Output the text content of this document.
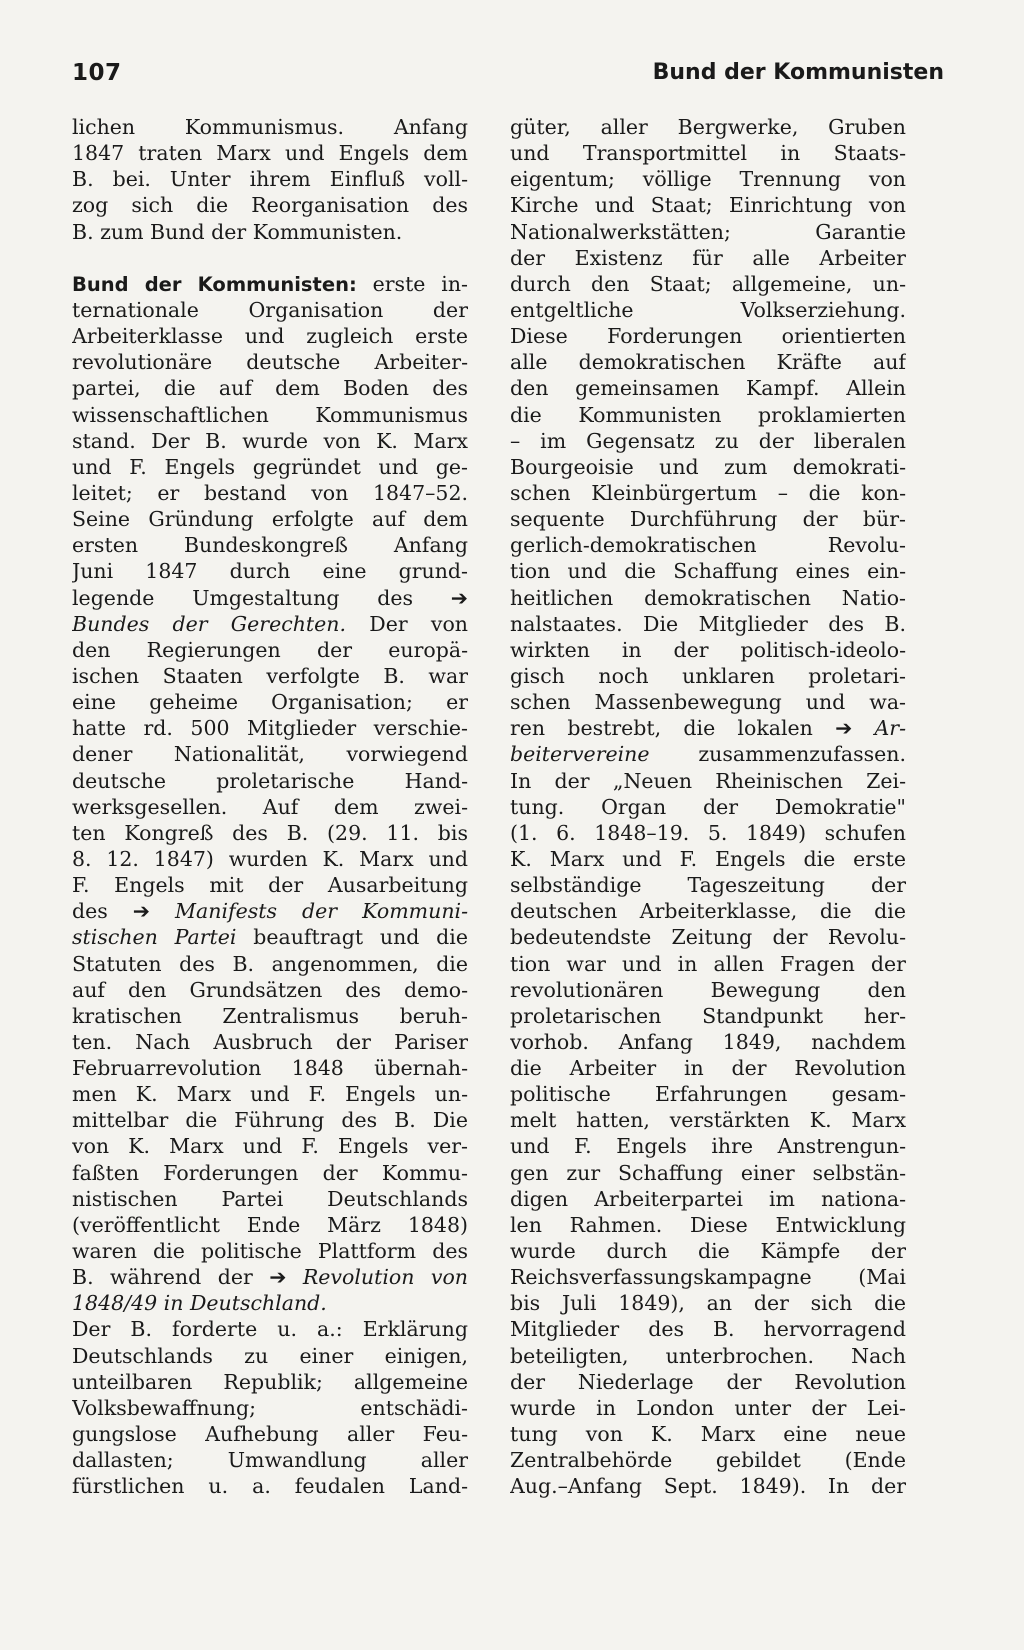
107	Bund der Kommunisten
lichen Kommunismus. Anfang
1847 traten Marx und Engels dem
B. bei. Unter ihrem Einfluß voll-
zog sich die Reorganisation des
B. zum Bund der Kommunisten.
Bund der Kommunisten: erste in-
ternationale Organisation der
Arbeiterklasse und zugleich erste
revolutionäre deutsche Arbeiter-
partei, die auf dem Boden des
wissenschaftlichen Kommunismus
stand. Der B. wurde von K. Marx
und F. Engels gegründet und ge-
leitet; er bestand von 1847–52.
Seine Gründung erfolgte auf dem
ersten Bundeskongreß Anfang
Juni 1847 durch eine grund-
legende Umgestaltung des ➔
Bundes der Gerechten. Der von
den Regierungen der europä-
ischen Staaten verfolgte B. war
eine geheime Organisation; er
hatte rd. 500 Mitglieder verschie-
dener Nationalität, vorwiegend
deutsche proletarische Hand-
werksgesellen. Auf dem zwei-
ten Kongreß des B. (29. 11. bis
8. 12. 1847) wurden K. Marx und
F. Engels mit der Ausarbeitung
des ➔ Manifests der Kommuni-
stischen Partei beauftragt und die
Statuten des B. angenommen, die
auf den Grundsätzen des demo-
kratischen Zentralismus beruh-
ten. Nach Ausbruch der Pariser
Februarrevolution 1848 übernah-
men K. Marx und F. Engels un-
mittelbar die Führung des B. Die
von K. Marx und F. Engels ver-
faßten Forderungen der Kommu-
nistischen Partei Deutschlands
(veröffentlicht Ende März 1848)
waren die politische Plattform des
B. während der ➔ Revolution von
1848/49 in Deutschland.
Der B. forderte u. a.: Erklärung
Deutschlands zu einer einigen,
unteilbaren Republik; allgemeine
Volksbewaffnung; entschädi-
gungslose Aufhebung aller Feu-
dallasten; Umwandlung aller
fürstlichen u. a. feudalen Land-
güter, aller Bergwerke, Gruben
und Transportmittel in Staats-
eigentum; völlige Trennung von
Kirche und Staat; Einrichtung von
Nationalwerkstätten; Garantie
der Existenz für alle Arbeiter
durch den Staat; allgemeine, un-
entgeltliche Volkserziehung.
Diese Forderungen orientierten
alle demokratischen Kräfte auf
den gemeinsamen Kampf. Allein
die Kommunisten proklamierten
– im Gegensatz zu der liberalen
Bourgeoisie und zum demokrati-
schen Kleinbürgertum – die kon-
sequente Durchführung der bür-
gerlich-demokratischen Revolu-
tion und die Schaffung eines ein-
heitlichen demokratischen Natio-
nalstaates. Die Mitglieder des B.
wirkten in der politisch-ideolo-
gisch noch unklaren proletari-
schen Massenbewegung und wa-
ren bestrebt, die lokalen ➔ Ar-
beitervereine zusammenzufassen.
In der „Neuen Rheinischen Zei-
tung. Organ der Demokratie"
(1. 6. 1848–19. 5. 1849) schufen
K. Marx und F. Engels die erste
selbständige Tageszeitung der
deutschen Arbeiterklasse, die die
bedeutendste Zeitung der Revolu-
tion war und in allen Fragen der
revolutionären Bewegung den
proletarischen Standpunkt her-
vorhob. Anfang 1849, nachdem
die Arbeiter in der Revolution
politische Erfahrungen gesam-
melt hatten, verstärkten K. Marx
und F. Engels ihre Anstrengun-
gen zur Schaffung einer selbstän-
digen Arbeiterpartei im nationa-
len Rahmen. Diese Entwicklung
wurde durch die Kämpfe der
Reichsverfassungskampagne (Mai
bis Juli 1849), an der sich die
Mitglieder des B. hervorragend
beteiligten, unterbrochen. Nach
der Niederlage der Revolution
wurde in London unter der Lei-
tung von K. Marx eine neue
Zentralbehörde gebildet (Ende
Aug.–Anfang Sept. 1849). In der
